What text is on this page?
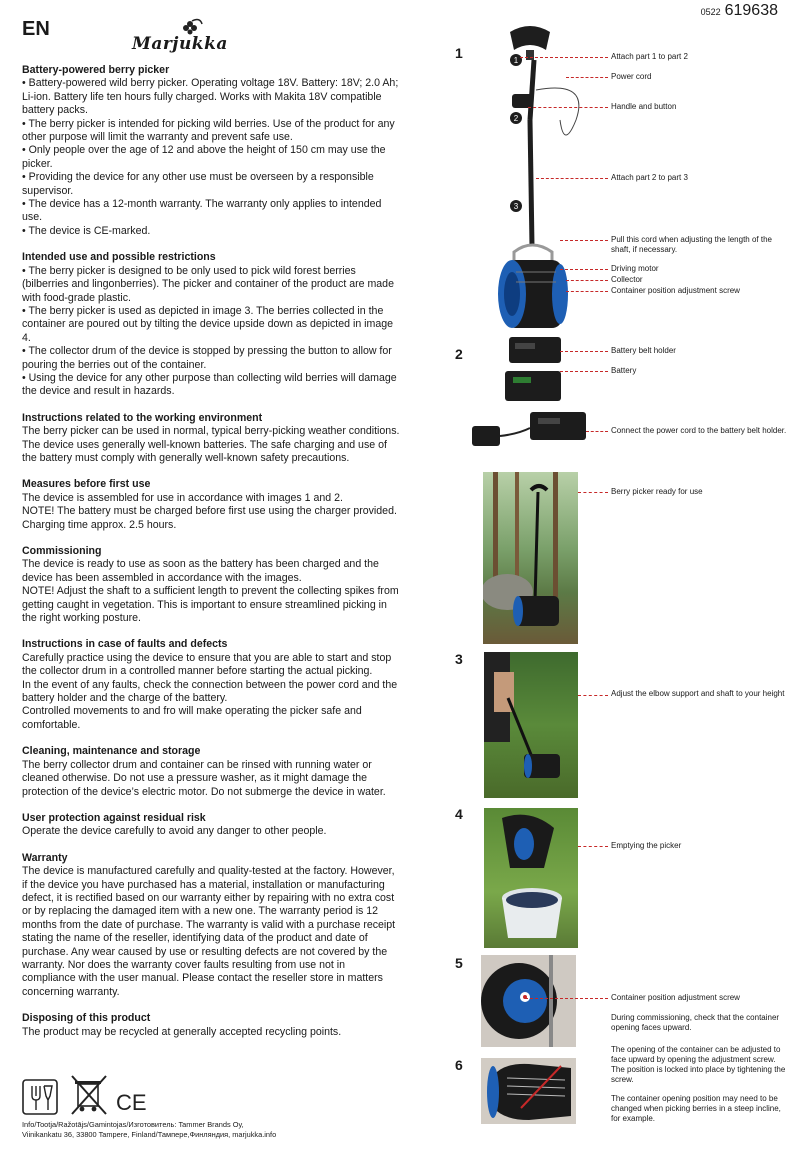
EN
Marjukka
0522 619638
Battery-powered berry picker

• Battery-powered wild berry picker. Operating voltage 18V. Battery: 18V; 2.0 Ah; Li-ion. Battery life ten hours fully charged. Works with Makita 18V compatible battery packs.

• The berry picker is intended for picking wild berries. Use of the product for any other purpose will limit the warranty and prevent safe use.

• Only people over the age of 12 and above the height of 150 cm may use the picker.

• Providing the device for any other use must be overseen by a responsible supervisor.

• The device has a 12-month warranty. The warranty only applies to intended use.

• The device is CE-marked.

Intended use and possible restrictions

• The berry picker is designed to be only used to pick wild forest berries (bilberries and lingonberries). The picker and container of the product are made with food-grade plastic.

• The berry picker is used as depicted in image 3. The berries collected in the container are poured out by tilting the device upside down as depicted in image 4.

• The collector drum of the device is stopped by pressing the button to allow for pouring the berries out of the container.

• Using the device for any other purpose than collecting wild berries will damage the device and result in hazards.

Instructions related to the working environment

The berry picker can be used in normal, typical berry-picking weather conditions. The device uses generally well-known batteries. The safe charging and use of the battery must comply with generally well-known safety precautions.

Measures before first use

The device is assembled for use in accordance with images 1 and 2.

NOTE! The battery must be charged before first use using the charger provided. Charging time approx. 2.5 hours.

Commissioning

The device is ready to use as soon as the battery has been charged and the device has been assembled in accordance with the images.

NOTE! Adjust the shaft to a sufficient length to prevent the collecting spikes from getting caught in vegetation. This is important to ensure streamlined picking in the right working posture.

Instructions in case of faults and defects

Carefully practice using the device to ensure that you are able to start and stop the collector drum in a controlled manner before starting the actual picking.

In the event of any faults, check the connection between the power cord and the battery holder and the charge of the battery.

Controlled movements to and fro will make operating the picker safe and comfortable.

Cleaning, maintenance and storage

The berry collector drum and container can be rinsed with running water or cleaned otherwise. Do not use a pressure washer, as it might damage the protection of the device’s electric motor. Do not submerge the device in water.

User protection against residual risk

Operate the device carefully to avoid any danger to other people.

Warranty

The device is manufactured carefully and quality-tested at the factory. However, if the device you have purchased has a material, installation or manufacturing defect, it is rectified based on our warranty either by repairing with no extra cost or by replacing the damaged item with a new one. The warranty period is 12 months from the date of purchase. The warranty is valid with a purchase receipt stating the name of the reseller, identifying data of the product and date of purchase. Any wear caused by use or resulting defects are not covered by the warranty. Nor does the warranty cover faults resulting from use not in compliance with the user manual. Please contact the reseller store in matters concerning warranty.

Disposing of this product

The product may be recycled at generally accepted recycling points.

CE
Info/Tootja/Ražotājs/Gamintojas/Изготовитель: Tammer Brands Oy,
Viinikankatu 36, 33800 Tampere, Finland/Тампере,Финляндия, marjukka.info
1
2
3
4
5
6
1
2
3
Attach part 1 to part 2
Power cord
Handle and button
Attach part 2 to part 3
Pull this cord when adjusting the length of the shaft, if necessary.
Driving motor
Collector
Container position adjustment screw
Battery belt holder
Battery
Connect the power cord to the battery belt holder.
Berry picker ready for use
Adjust the elbow support and shaft to your height
Emptying the picker
Container position adjustment screw
During commissioning, check that the container opening faces upward.
The opening of the container can be adjusted to face upward by opening the adjustment screw. The position is locked into place by tightening the screw.
The container opening position may need to be changed when picking berries in a steep incline, for example.
